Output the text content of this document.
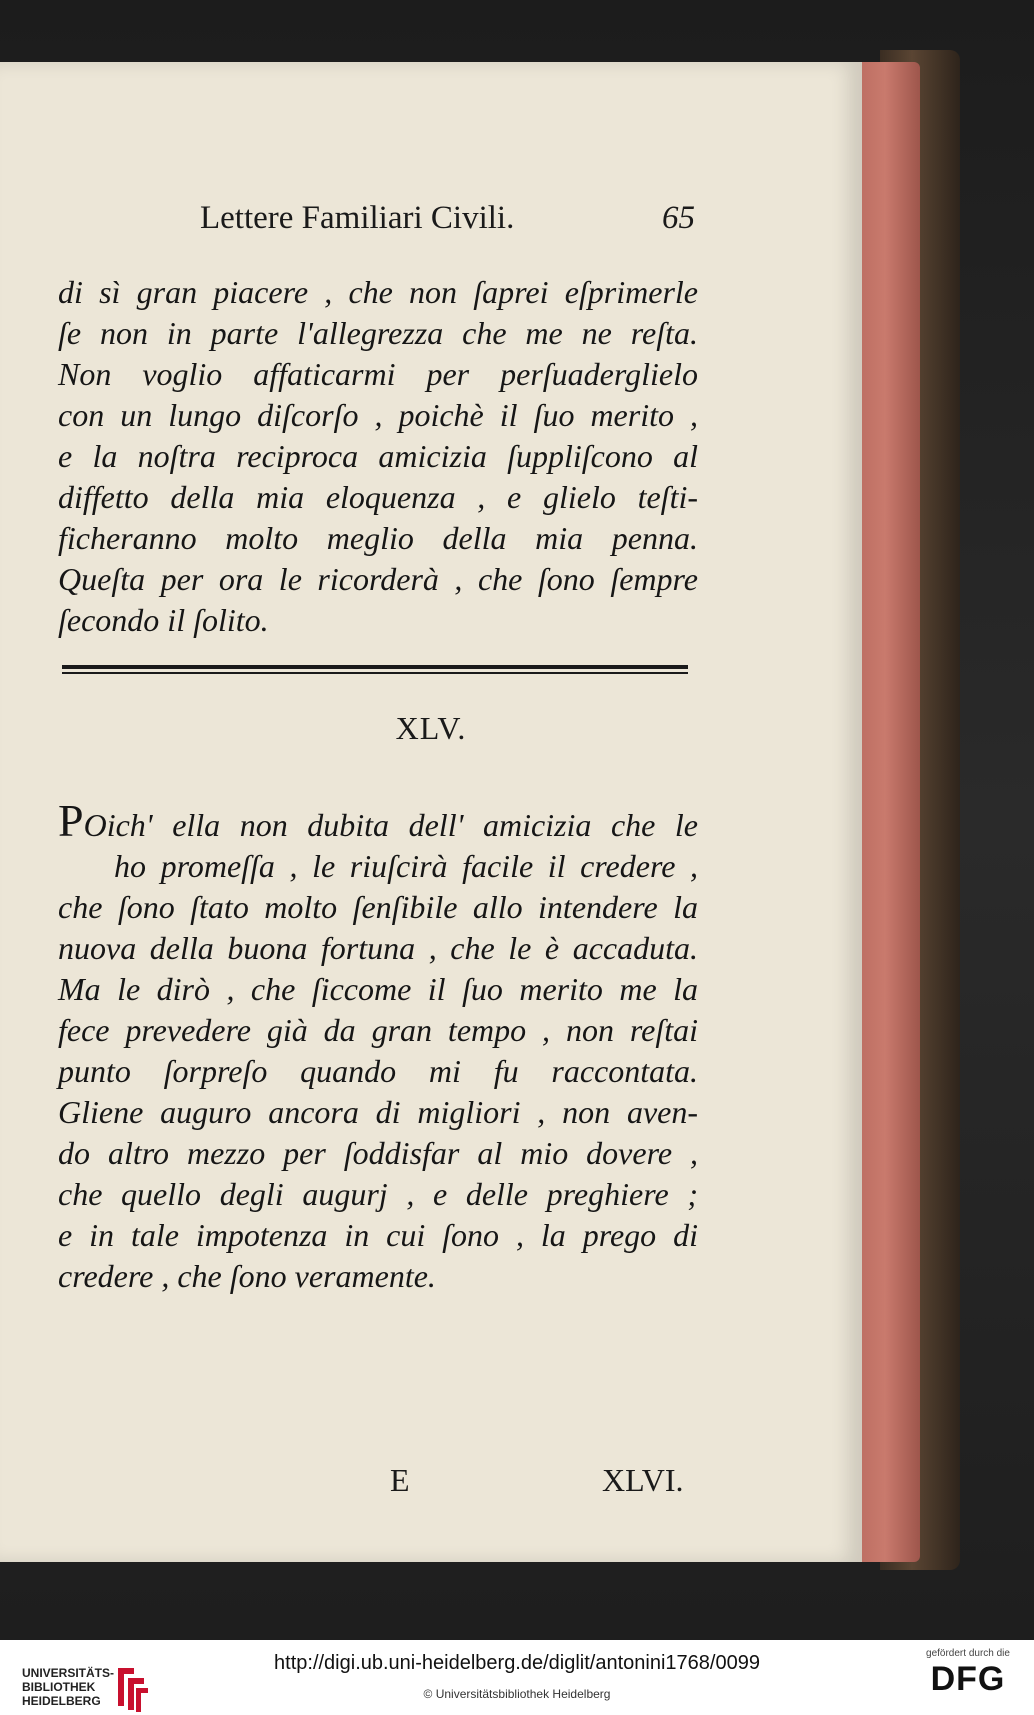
Lettere Familiari Civili.	65
di sì gran piacere , che non ſaprei eſprimerle
ſe non in parte l'allegrezza che me ne reſta.
Non voglio affaticarmi per perſuaderglielo
con un lungo diſcorſo , poichè il ſuo merito ,
e la noſtra reciproca amicizia ſuppliſcono al
diffetto della mia eloquenza , e glielo teſti-
ficheranno molto meglio della mia penna.
Queſta per ora le ricorderà , che ſono ſempre
ſecondo il ſolito.
XLV.
POich' ella non dubita dell' amicizia che le
ho promeſſa , le riuſcirà facile il credere ,
che ſono ſtato molto ſenſibile allo intendere la
nuova della buona fortuna , che le è accaduta.
Ma le dirò , che ſiccome il ſuo merito me la
fece prevedere già da gran tempo , non reſtai
punto ſorpreſo quando mi fu raccontata.
Gliene auguro ancora di migliori , non aven-
do altro mezzo per ſoddisfar al mio dovere ,
che quello degli augurj , e delle preghiere ;
e in tale impotenza in cui ſono , la prego di
credere , che ſono veramente.
E	XLVI.
UNIVERSITÄTS-
BIBLIOTHEK
HEIDELBERG
http://digi.ub.uni-heidelberg.de/diglit/antonini1768/0099
© Universitätsbibliothek Heidelberg
gefördert durch die
DFG
